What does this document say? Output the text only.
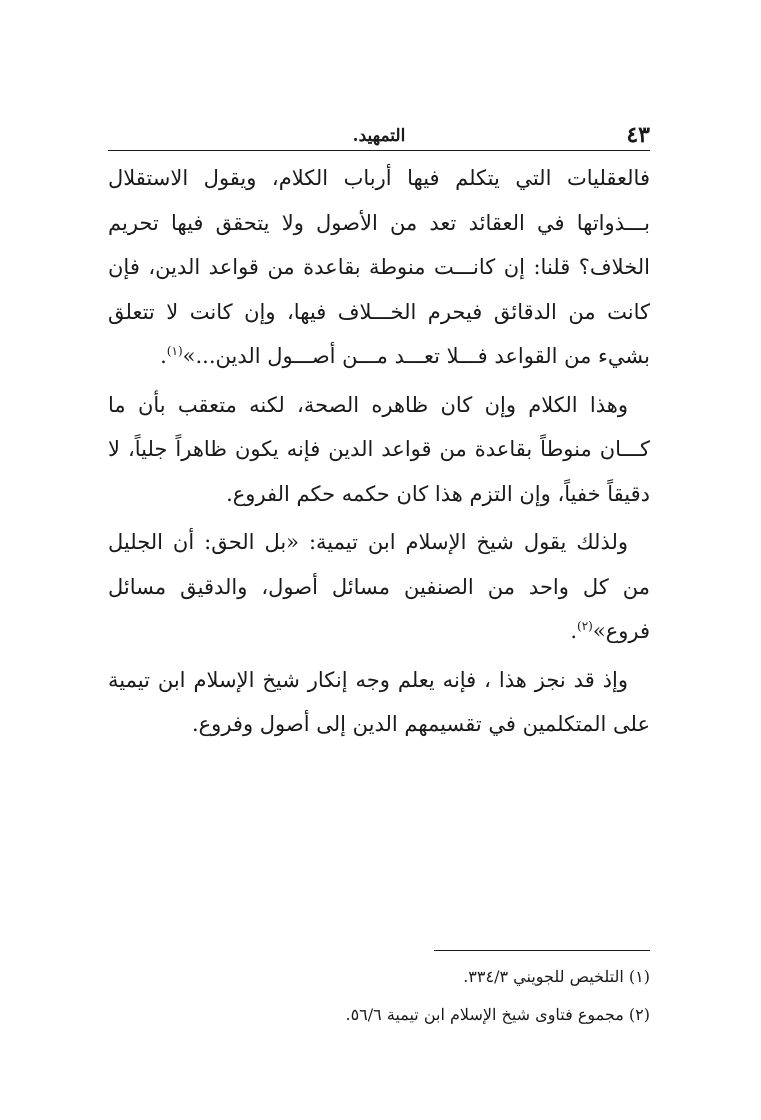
٤٣
التمهيد.

فالعقليات التي يتكلم فيها أرباب الكلام، ويقول الاستقلال بـــذواتها في العقائد تعد من الأصول ولا يتحقق فيها تحريم الخلاف؟ قلنا: إن كانـــت منوطة بقاعدة من قواعد الدين، فإن كانت من الدقائق فيحرم الخـــلاف فيها، وإن كانت لا تتعلق بشيء من القواعد فـــلا تعـــد مـــن أصـــول الدين...»$^{(١)}$.

وهذا الكلام وإن كان ظاهره الصحة، لكنه متعقب بأن ما كـــان منوطاً بقاعدة من قواعد الدين فإنه يكون ظاهراً جلياً، لا دقيقاً خفياً، وإن التزم هذا كان حكمه حكم الفروع.

ولذلك يقول شيخ الإسلام ابن تيمية: «بل الحق: أن الجليل من كل واحد من الصنفين مسائل أصول، والدقيق مسائل فروع»$^{(٢)}$.

وإذ قد نجز هذا ، فإنه يعلم وجه إنكار شيخ الإسلام ابن تيمية على المتكلمين في تقسيمهم الدين إلى أصول وفروع.

(١) التلخيص للجويني ٣٣٤/٣.

(٢) مجموع فتاوى شيخ الإسلام ابن تيمية ٥٦/٦.
